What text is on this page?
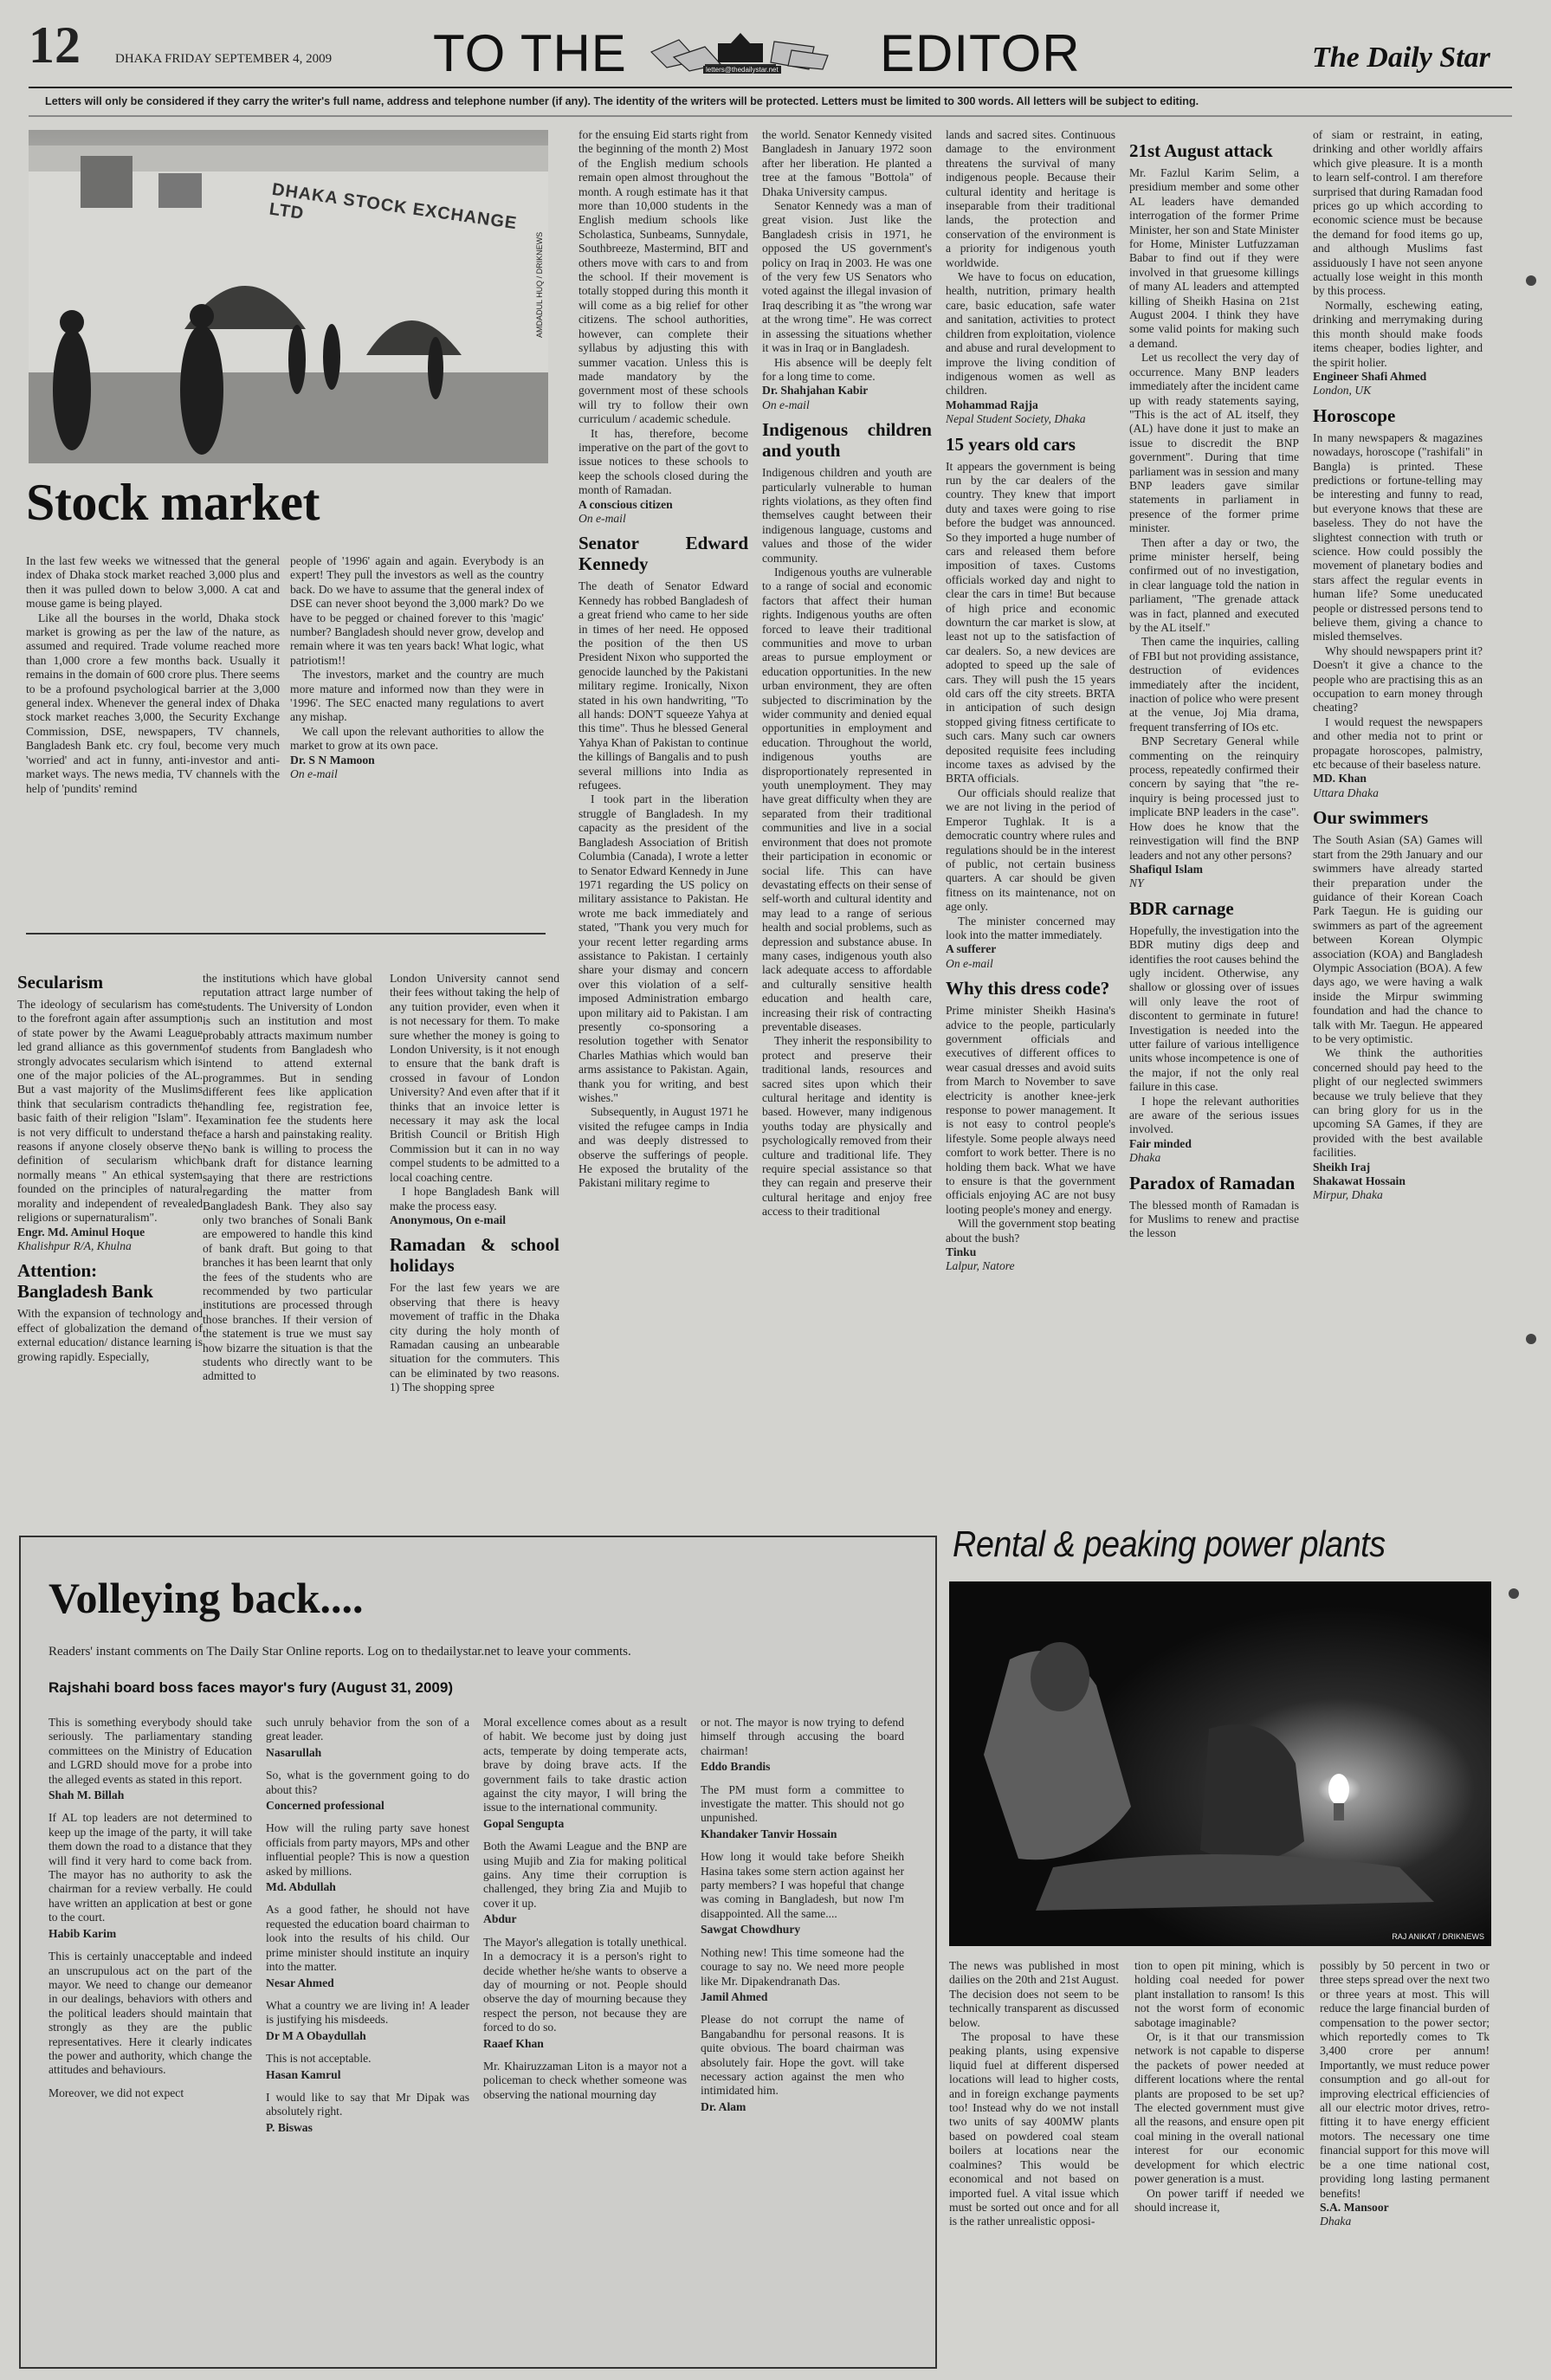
12	DHAKA FRIDAY SEPTEMBER 4, 2009 TO THE	letters@thedailystar.net EDITOR	The Daily Star
Letters will only be considered if they carry the writer's full name, address and telephone number (if any). The identity of the writers will be protected. Letters must be limited to 300 words. All letters will be subject to editing.
DHAKA STOCK EXCHANGE LTD
AMDADUL HUQ / DRIKNEWS
Stock market

In the last few weeks we witnessed that the general index of Dhaka stock market reached 3,000 plus and then it was pulled down to below 3,000. A cat and mouse game is being played.

Like all the bourses in the world, Dhaka stock market is growing as per the law of the nature, as assumed and required. Trade volume reached more than 1,000 crore a few months back. Usually it remains in the domain of 600 crore plus. There seems to be a profound psychological barrier at the 3,000 general index. Whenever the general index of Dhaka stock market reaches 3,000, the Security Exchange Commission, DSE, newspapers, TV channels, Bangladesh Bank etc. cry foul, become very much 'worried' and act in funny, anti-investor and anti-market ways. The news media, TV channels with the help of 'pundits' remind

people of '1996' again and again. Everybody is an expert! They pull the investors as well as the country back. Do we have to assume that the general index of DSE can never shoot beyond the 3,000 mark? Do we have to be pegged or chained forever to this 'magic' number? Bangladesh should never grow, develop and remain where it was ten years back! What logic, what patriotism!!

The investors, market and the country are much more mature and informed now than they were in '1996'. The SEC enacted many regulations to avert any mishap.

We call upon the relevant authorities to allow the market to grow at its own pace.

Dr. S N Mamoon
On e-mail

for the ensuing Eid starts right from the beginning of the month 2) Most of the English medium schools remain open almost throughout the month. A rough estimate has it that more than 10,000 students in the English medium schools like Scholastica, Sunbeams, Sunnydale, Southbreeze, Mastermind, BIT and others move with cars to and from the school. If their movement is totally stopped during this month it will come as a big relief for other citizens. The school authorities, however, can complete their syllabus by adjusting this with summer vacation. Unless this is made mandatory by the government most of these schools will try to follow their own curriculum / academic schedule.

It has, therefore, become imperative on the part of the govt to issue notices to these schools to keep the schools closed during the month of Ramadan.

A conscious citizen
On e-mail
Senator Edward Kennedy

The death of Senator Edward Kennedy has robbed Bangladesh of a great friend who came to her side in times of her need. He opposed the position of the then US President Nixon who supported the genocide launched by the Pakistani military regime. Ironically, Nixon stated in his own handwriting, "To all hands: DON'T squeeze Yahya at this time". Thus he blessed General Yahya Khan of Pakistan to continue the killings of Bangalis and to push several millions into India as refugees.

I took part in the liberation struggle of Bangladesh. In my capacity as the president of the Bangladesh Association of British Columbia (Canada), I wrote a letter to Senator Edward Kennedy in June 1971 regarding the US policy on military assistance to Pakistan. He wrote me back immediately and stated, "Thank you very much for your recent letter regarding arms assistance to Pakistan. I certainly share your dismay and concern over this violation of a self-imposed Administration embargo upon military aid to Pakistan. I am presently co-sponsoring a resolution together with Senator Charles Mathias which would ban arms assistance to Pakistan. Again, thank you for writing, and best wishes."

Subsequently, in August 1971 he visited the refugee camps in India and was deeply distressed to observe the sufferings of people. He exposed the brutality of the Pakistani military regime to

the world. Senator Kennedy visited Bangladesh in January 1972 soon after her liberation. He planted a tree at the famous "Bottola" of Dhaka University campus.

Senator Kennedy was a man of great vision. Just like the Bangladesh crisis in 1971, he opposed the US government's policy on Iraq in 2003. He was one of the very few US Senators who voted against the illegal invasion of Iraq describing it as "the wrong war at the wrong time". He was correct in assessing the situations whether it was in Iraq or in Bangladesh.

His absence will be deeply felt for a long time to come.

Dr. Shahjahan Kabir
On e-mail
Indigenous children and youth

Indigenous children and youth are particularly vulnerable to human rights violations, as they often find themselves caught between their indigenous language, customs and values and those of the wider community.

Indigenous youths are vulnerable to a range of social and economic factors that affect their human rights. Indigenous youths are often forced to leave their traditional communities and move to urban areas to pursue employment or education opportunities. In the new urban environment, they are often subjected to discrimination by the wider community and denied equal opportunities in employment and education. Throughout the world, indigenous youths are disproportionately represented in youth unemployment. They may have great difficulty when they are separated from their traditional communities and live in a social environment that does not promote their participation in economic or social life. This can have devastating effects on their sense of self-worth and cultural identity and may lead to a range of serious health and social problems, such as depression and substance abuse. In many cases, indigenous youth also lack adequate access to affordable and culturally sensitive health education and health care, increasing their risk of contracting preventable diseases.

They inherit the responsibility to protect and preserve their traditional lands, resources and sacred sites upon which their cultural heritage and identity is based. However, many indigenous youths today are physically and psychologically removed from their culture and traditional life. They require special assistance so that they can regain and preserve their cultural heritage and enjoy free access to their traditional

lands and sacred sites. Continuous damage to the environment threatens the survival of many indigenous people. Because their cultural identity and heritage is inseparable from their traditional lands, the protection and conservation of the environment is a priority for indigenous youth worldwide.

We have to focus on education, health, nutrition, primary health care, basic education, safe water and sanitation, activities to protect children from exploitation, violence and abuse and rural development to improve the living condition of indigenous women as well as children.

Mohammad Rajja
Nepal Student Society, Dhaka
15 years old cars

It appears the government is being run by the car dealers of the country. They knew that import duty and taxes were going to rise before the budget was announced. So they imported a huge number of cars and released them before imposition of taxes. Customs officials worked day and night to clear the cars in time! But because of high price and economic downturn the car market is slow, at least not up to the satisfaction of car dealers. So, a new devices are adopted to speed up the sale of cars. They will push the 15 years old cars off the city streets. BRTA in anticipation of such design stopped giving fitness certificate to such cars. Many such car owners deposited requisite fees including income taxes as advised by the BRTA officials.

Our officials should realize that we are not living in the period of Emperor Tughlak. It is a democratic country where rules and regulations should be in the interest of public, not certain business quarters. A car should be given fitness on its maintenance, not on age only.

The minister concerned may look into the matter immediately.

A sufferer
On e-mail
Why this dress code?

Prime minister Sheikh Hasina's advice to the people, particularly government officials and executives of different offices to wear casual dresses and avoid suits from March to November to save electricity is another knee-jerk response to power management. It is not easy to control people's lifestyle. Some people always need comfort to work better. There is no holding them back. What we have to ensure is that the government officials enjoying AC are not busy looting people's money and energy.

Will the government stop beating about the bush?

Tinku
Lalpur, Natore
21st August attack

Mr. Fazlul Karim Selim, a presidium member and some other AL leaders have demanded interrogation of the former Prime Minister, her son and State Minister for Home, Minister Lutfuzzaman Babar to find out if they were involved in that gruesome killings of many AL leaders and attempted killing of Sheikh Hasina on 21st August 2004. I think they have some valid points for making such a demand.

Let us recollect the very day of occurrence. Many BNP leaders immediately after the incident came up with ready statements saying, "This is the act of AL itself, they (AL) have done it just to make an issue to discredit the BNP government". During that time parliament was in session and many BNP leaders gave similar statements in parliament in presence of the former prime minister.

Then after a day or two, the prime minister herself, being confirmed out of no investigation, in clear language told the nation in parliament, "The grenade attack was in fact, planned and executed by the AL itself."

Then came the inquiries, calling of FBI but not providing assistance, destruction of evidences immediately after the incident, inaction of police who were present at the venue, Joj Mia drama, frequent transferring of IOs etc.

BNP Secretary General while commenting on the reinquiry process, repeatedly confirmed their concern by saying that "the re-inquiry is being processed just to implicate BNP leaders in the case". How does he know that the reinvestigation will find the BNP leaders and not any other persons?

Shafiqul Islam
NY
BDR carnage

Hopefully, the investigation into the BDR mutiny digs deep and identifies the root causes behind the ugly incident. Otherwise, any shallow or glossing over of issues will only leave the root of discontent to germinate in future! Investigation is needed into the utter failure of various intelligence units whose incompetence is one of the major, if not the only real failure in this case.

I hope the relevant authorities are aware of the serious issues involved.

Fair minded
Dhaka
Paradox of Ramadan

The blessed month of Ramadan is for Muslims to renew and practise the lesson

of siam or restraint, in eating, drinking and other worldly affairs which give pleasure. It is a month to learn self-control. I am therefore surprised that during Ramadan food prices go up which according to economic science must be because the demand for food items go up, and although Muslims fast assiduously I have not seen anyone actually lose weight in this month by this process.

Normally, eschewing eating, drinking and merrymaking during this month should make foods items cheaper, bodies lighter, and the spirit holier.

Engineer Shafi Ahmed
London, UK
Horoscope

In many newspapers & magazines nowadays, horoscope ("rashifali" in Bangla) is printed. These predictions or fortune-telling may be interesting and funny to read, but everyone knows that these are baseless. They do not have the slightest connection with truth or science. How could possibly the movement of planetary bodies and stars affect the regular events in human life? Some uneducated people or distressed persons tend to believe them, giving a chance to misled themselves.

Why should newspapers print it? Doesn't it give a chance to the people who are practising this as an occupation to earn money through cheating?

I would request the newspapers and other media not to print or propagate horoscopes, palmistry, etc because of their baseless nature.

MD. Khan
Uttara Dhaka
Our swimmers

The South Asian (SA) Games will start from the 29th January and our swimmers have already started their preparation under the guidance of their Korean Coach Park Taegun. He is guiding our swimmers as part of the agreement between Korean Olympic association (KOA) and Bangladesh Olympic Association (BOA). A few days ago, we were having a walk inside the Mirpur swimming foundation and had the chance to talk with Mr. Taegun. He appeared to be very optimistic.

We think the authorities concerned should pay heed to the plight of our neglected swimmers because we truly believe that they can bring glory for us in the upcoming SA Games, if they are provided with the best available facilities.

Sheikh Iraj
Shakawat Hossain
Mirpur, Dhaka
Secularism

The ideology of secularism has come to the forefront again after assumption of state power by the Awami League led grand alliance as this government strongly advocates secularism which is one of the major policies of the AL. But a vast majority of the Muslims think that secularism contradicts the basic faith of their religion "Islam". It is not very difficult to understand the reasons if anyone closely observe the definition of secularism which normally means " An ethical system founded on the principles of natural morality and independent of revealed religions or supernaturalism".

Engr. Md. Aminul Hoque
Khalishpur R/A, Khulna
Attention:
Bangladesh Bank

With the expansion of technology and effect of globalization the demand of external education/ distance learning is growing rapidly. Especially,

the institutions which have global reputation attract large number of students. The University of London is such an institution and most probably attracts maximum number of students from Bangladesh who intend to attend external programmes. But in sending different fees like application handling fee, registration fee, examination fee the students here face a harsh and painstaking reality. No bank is willing to process the bank draft for distance learning saying that there are restrictions regarding the matter from Bangladesh Bank. They also say only two branches of Sonali Bank are empowered to handle this kind of bank draft. But going to that branches it has been learnt that only the fees of the students who are recommended by two particular institutions are processed through those branches. If their version of the statement is true we must say how bizarre the situation is that the students who directly want to be admitted to

London University cannot send their fees without taking the help of any tuition provider, even when it is not necessary for them. To make sure whether the money is going to London University, is it not enough to ensure that the bank draft is crossed in favour of London University? And even after that if it thinks that an invoice letter is necessary it may ask the local British Council or British High Commission but it can in no way compel students to be admitted to a local coaching centre.

I hope Bangladesh Bank will make the process easy.

Anonymous, On e-mail
Ramadan & school holidays

For the last few years we are observing that there is heavy movement of traffic in the Dhaka city during the holy month of Ramadan causing an unbearable situation for the commuters. This can be eliminated by two reasons. 1) The shopping spree

Volleying back....
Readers' instant comments on The Daily Star Online reports. Log on to thedailystar.net to leave your comments.
Rajshahi board boss faces mayor's fury (August 31, 2009)

This is something everybody should take seriously. The parliamentary standing committees on the Ministry of Education and LGRD should move for a probe into the alleged events as stated in this report.
Shah M. Billah

If AL top leaders are not determined to keep up the image of the party, it will take them down the road to a distance that they will find it very hard to come back from. The mayor has no authority to ask the chairman for a review verbally. He could have written an application at best or gone to the court.
Habib Karim

This is certainly unacceptable and indeed an unscrupulous act on the part of the mayor. We need to change our demeanor in our dealings, behaviors with others and the political leaders should maintain that strongly as they are the public representatives. Here it clearly indicates the power and authority, which change the attitudes and behaviours.

Moreover, we did not expect

such unruly behavior from the son of a great leader.
Nasarullah

So, what is the government going to do about this?
Concerned professional

How will the ruling party save honest officials from party mayors, MPs and other influential people? This is now a question asked by millions.
Md. Abdullah

As a good father, he should not have requested the education board chairman to look into the results of his child. Our prime minister should institute an inquiry into the matter.
Nesar Ahmed

What a country we are living in! A leader is justifying his misdeeds.
Dr M A Obaydullah

This is not acceptable.
Hasan Kamrul

I would like to say that Mr Dipak was absolutely right.
P. Biswas

Moral excellence comes about as a result of habit. We become just by doing just acts, temperate by doing temperate acts, brave by doing brave acts. If the government fails to take drastic action against the city mayor, I will bring the issue to the international community.
Gopal Sengupta

Both the Awami League and the BNP are using Mujib and Zia for making political gains. Any time their corruption is challenged, they bring Zia and Mujib to cover it up.
Abdur

The Mayor's allegation is totally unethical. In a democracy it is a person's right to decide whether he/she wants to observe a day of mourning or not. People should observe the day of mourning because they respect the person, not because they are forced to do so.
Raaef Khan

Mr. Khairuzzaman Liton is a mayor not a policeman to check whether someone was observing the national mourning day

or not. The mayor is now trying to defend himself through accusing the board chairman!
Eddo Brandis

The PM must form a committee to investigate the matter. This should not go unpunished.
Khandaker Tanvir Hossain

How long it would take before Sheikh Hasina takes some stern action against her party members? I was hopeful that change was coming in Bangladesh, but now I'm disappointed. All the same....
Sawgat Chowdhury

Nothing new! This time someone had the courage to say no. We need more people like Mr. Dipakendranath Das.
Jamil Ahmed

Please do not corrupt the name of Bangabandhu for personal reasons. It is quite obvious. The board chairman was absolutely fair. Hope the govt. will take necessary action against the men who intimidated him.
Dr. Alam

Rental & peaking power plants
RAJ ANIKAT / DRIKNEWS

The news was published in most dailies on the 20th and 21st August. The decision does not seem to be technically transparent as discussed below.

The proposal to have these peaking plants, using expensive liquid fuel at different dispersed locations will lead to higher costs, and in foreign exchange payments too! Instead why do we not install two units of say 400MW plants based on powdered coal steam boilers at locations near the coalmines? This would be economical and not based on imported fuel. A vital issue which must be sorted out once and for all is the rather unrealistic opposi-

tion to open pit mining, which is holding coal needed for power plant installation to ransom! Is this not the worst form of economic sabotage imaginable?

Or, is it that our transmission network is not capable to disperse the packets of power needed at different locations where the rental plants are proposed to be set up? The elected government must give all the reasons, and ensure open pit coal mining in the overall national interest for our economic development for which electric power generation is a must.

On power tariff if needed we should increase it,

possibly by 50 percent in two or three steps spread over the next two or three years at most. This will reduce the large financial burden of compensation to the power sector; which reportedly comes to Tk 3,400 crore per annum! Importantly, we must reduce power consumption and go all-out for improving electrical efficiencies of all our electric motor drives, retro-fitting it to have energy efficient motors. The necessary one time financial support for this move will be a one time national cost, providing long lasting permanent benefits!

S.A. Mansoor
Dhaka
